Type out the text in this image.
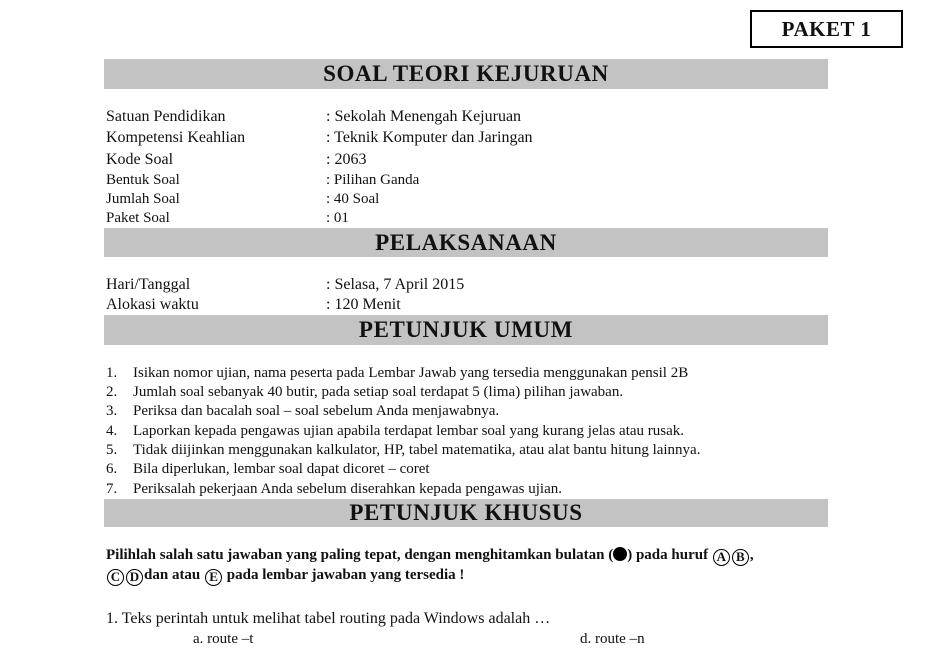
PAKET 1
SOAL TEORI KEJURUAN
Satuan Pendidikan	: Sekolah Menengah Kejuruan
Kompetensi Keahlian	: Teknik Komputer dan Jaringan
Kode Soal	: 2063
Bentuk Soal	: Pilihan Ganda
Jumlah Soal	: 40 Soal
Paket Soal	: 01
PELAKSANAAN
Hari/Tanggal	: Selasa, 7 April 2015
Alokasi waktu	: 120 Menit
PETUNJUK UMUM
1. Isikan nomor ujian, nama peserta pada Lembar Jawab yang tersedia menggunakan pensil 2B
2. Jumlah soal sebanyak 40 butir, pada setiap soal terdapat 5 (lima) pilihan jawaban.
3. Periksa dan bacalah soal – soal sebelum Anda menjawabnya.
4. Laporkan kepada pengawas ujian apabila terdapat lembar soal yang kurang jelas atau rusak.
5. Tidak diijinkan menggunakan kalkulator, HP, tabel matematika, atau alat bantu hitung lainnya.
6. Bila diperlukan, lembar soal dapat dicoret – coret
7. Periksalah pekerjaan Anda sebelum diserahkan kepada pengawas ujian.
PETUNJUK KHUSUS
Pilihlah salah satu jawaban yang paling tepat, dengan menghitamkan bulatan ( ) pada huruf A B ,
C D dan atau E pada lembar jawaban yang tersedia !
1. Teks perintah untuk melihat tabel routing pada Windows adalah …
a. route –t	d. route –n
